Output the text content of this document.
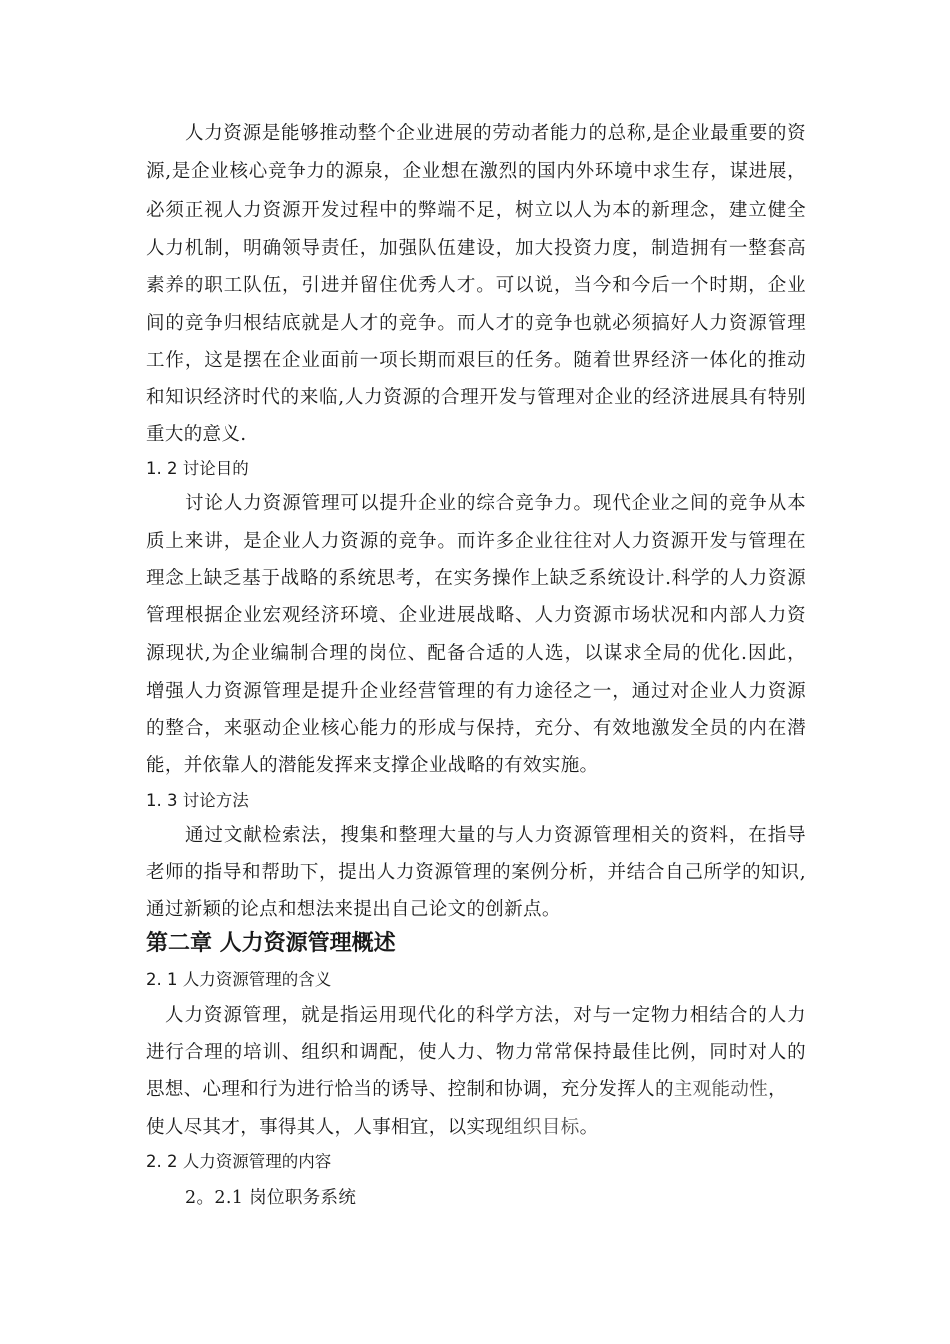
人力资源是能够推动整个企业进展的劳动者能力的总称,是企业最重要的资
源,是企业核心竞争力的源泉，企业想在激烈的国内外环境中求生存，谋进展，
必须正视人力资源开发过程中的弊端不足，树立以人为本的新理念，建立健全
人力机制，明确领导责任，加强队伍建设，加大投资力度，制造拥有一整套高
素养的职工队伍，引进并留住优秀人才。可以说，当今和今后一个时期，企业
间的竞争归根结底就是人才的竞争。而人才的竞争也就必须搞好人力资源管理
工作，这是摆在企业面前一项长期而艰巨的任务。随着世界经济一体化的推动
和知识经济时代的来临,人力资源的合理开发与管理对企业的经济进展具有特别
重大的意义.
1. 2 讨论目的
讨论人力资源管理可以提升企业的综合竞争力。现代企业之间的竞争从本
质上来讲，是企业人力资源的竞争。而许多企业往往对人力资源开发与管理在
理念上缺乏基于战略的系统思考，在实务操作上缺乏系统设计.科学的人力资源
管理根据企业宏观经济环境、企业进展战略、人力资源市场状况和内部人力资
源现状,为企业编制合理的岗位、配备合适的人选，以谋求全局的优化.因此，
增强人力资源管理是提升企业经营管理的有力途径之一，通过对企业人力资源
的整合，来驱动企业核心能力的形成与保持，充分、有效地激发全员的内在潜
能，并依靠人的潜能发挥来支撑企业战略的有效实施。
1. 3 讨论方法
通过文献检索法，搜集和整理大量的与人力资源管理相关的资料，在指导
老师的指导和帮助下，提出人力资源管理的案例分析，并结合自己所学的知识,
通过新颖的论点和想法来提出自己论文的创新点。
第二章 人力资源管理概述
2. 1 人力资源管理的含义
人力资源管理，就是指运用现代化的科学方法，对与一定物力相结合的人力
进行合理的培训、组织和调配，使人力、物力常常保持最佳比例，同时对人的
思想、心理和行为进行恰当的诱导、控制和协调，充分发挥人的主观能动性，
使人尽其才，事得其人，人事相宜，以实现组织目标。
2. 2 人力资源管理的内容
2。2.1 岗位职务系统
